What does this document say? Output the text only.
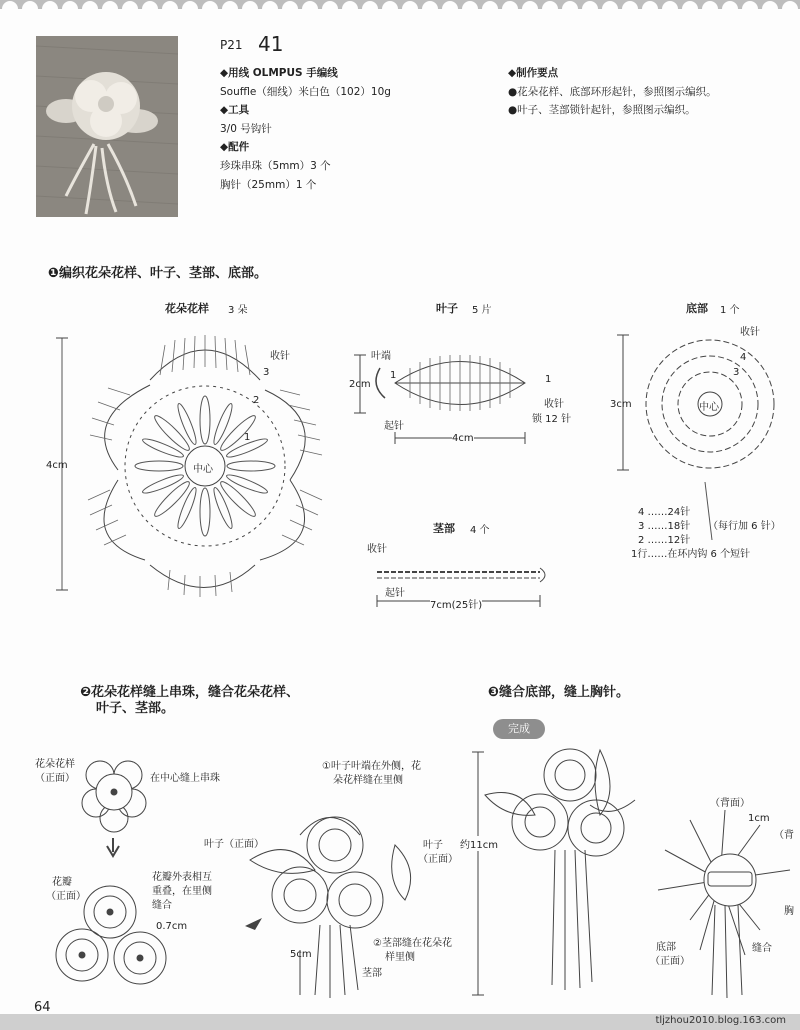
P21 41
◆用线 OLMPUS 手编线
Souffle（细线）米白色（102）10g
◆工具
3/0 号钩针
◆配件
珍珠串珠（5mm）3 个
胸针（25mm）1 个
◆制作要点
●花朵花样、底部环形起针，参照图示编织。
●叶子、茎部锁针起针，参照图示编织。
❶编织花朵花样、叶子、茎部、底部。
花朵花样 3 朵
4cm	中心
收针
3
2
1
叶子 5 片
叶端
2cm
起针
收针
锁 12 针
4cm
1	1
底部 1 个
收针
3cm	中心
4
3
4 ……24针
3 ……18针
2 ……12针
1行……在环内钩 6 个短针
（每行加 6 针）
茎部 4 个
收针
起针
7cm(25针)
❷花朵花样缝上串珠，缝合花朵花样、
叶子、茎部。
花朵花样
（正面）	在中心缝上串珠
花瓣
（正面）
花瓣外表相互
重叠，在里侧
缝合
0.7cm
叶子（正面）	叶子
（正面）
①叶子叶端在外侧，花
朵花样缝在里侧
②茎部缝在花朵花
样里侧
茎部
5cm
❸缝合底部，缝上胸针。
完成
约11cm
（背面）
（背
1cm
胸
底部
（正面）
缝合
64
tljzhou2010.blog.163.com
